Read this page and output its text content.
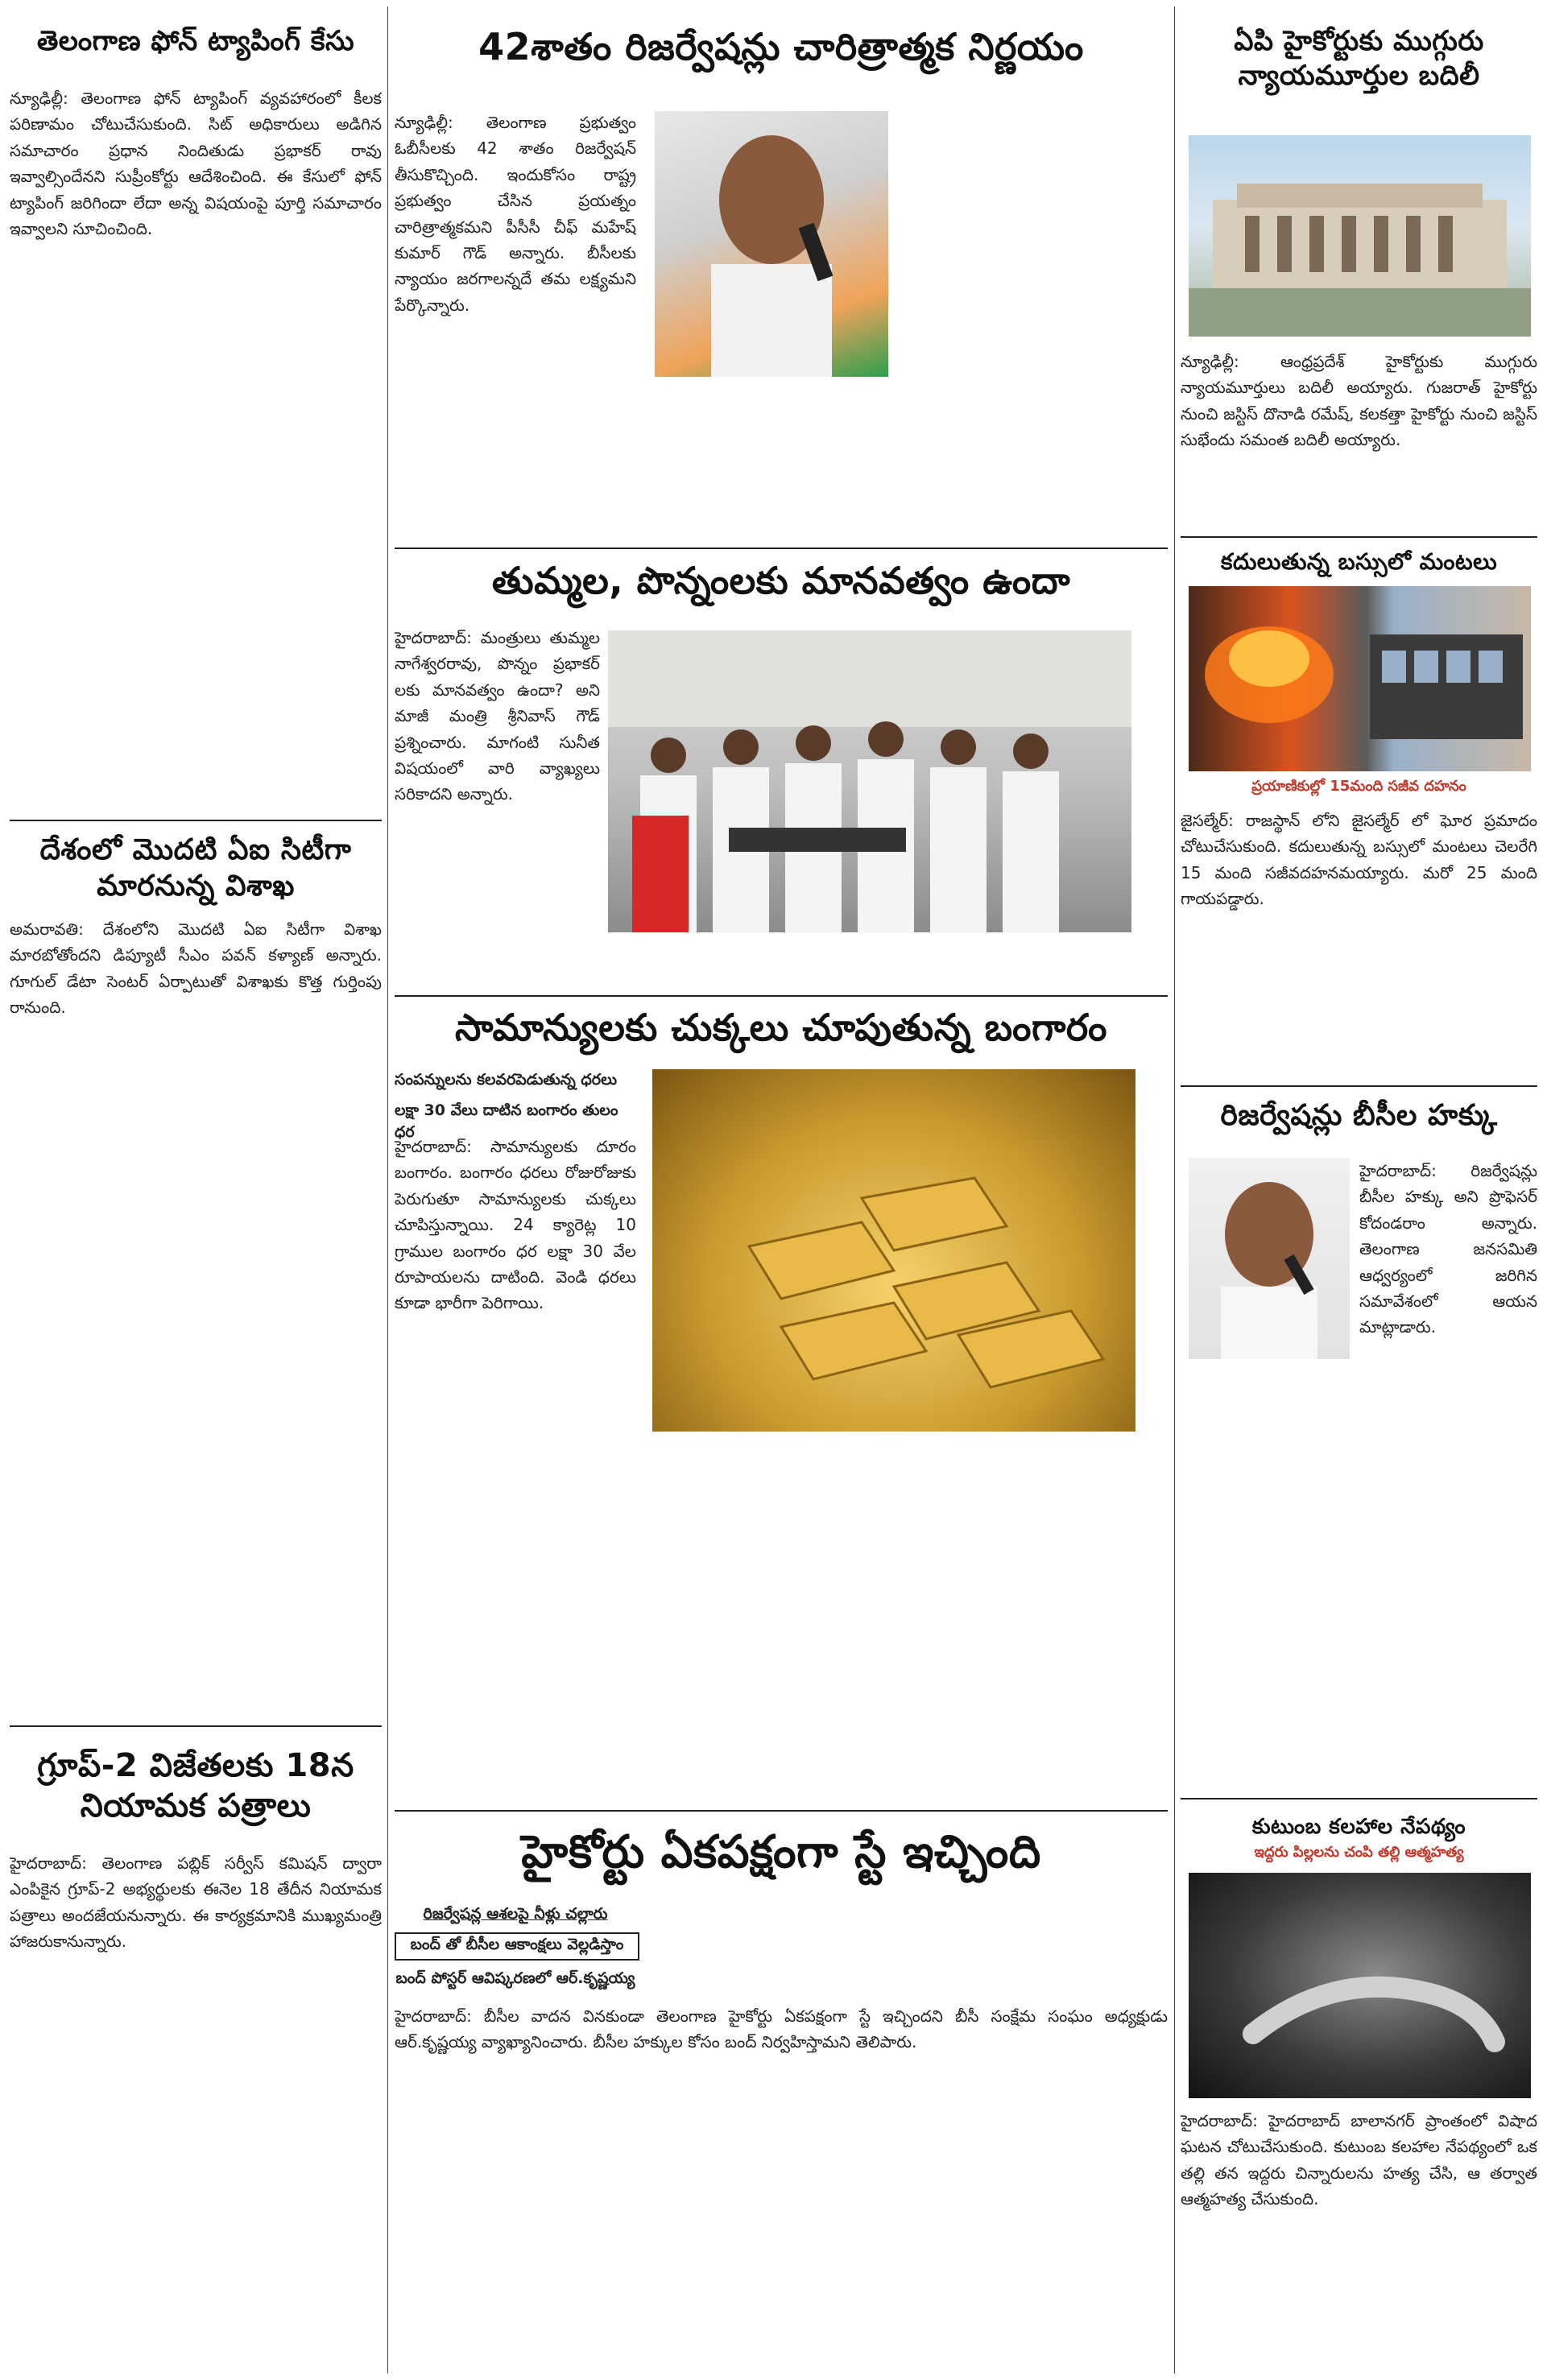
తెలంగాణ ఫోన్ ట్యాపింగ్ కేసు
న్యూఢిల్లీ: తెలంగాణ ఫోన్ ట్యాపింగ్ వ్యవహారంలో కీలక పరిణామం చోటుచేసుకుంది. సిట్ అధికారులు అడిగిన సమాచారం ప్రధాన నిందితుడు ప్రభాకర్ రావు ఇవ్వాల్సిందేనని సుప్రీంకోర్టు ఆదేశించింది. ఈ కేసులో ఫోన్ ట్యాపింగ్ జరిగిందా లేదా అన్న విషయంపై పూర్తి సమాచారం ఇవ్వాలని సూచించింది.
దేశంలో మొదటి ఏఐ సిటీగా మారనున్న విశాఖ
అమరావతి: దేశంలోని మొదటి ఏఐ సిటీగా విశాఖ మారబోతోందని డిప్యూటీ సీఎం పవన్ కళ్యాణ్ అన్నారు. గూగుల్ డేటా సెంటర్ ఏర్పాటుతో విశాఖకు కొత్త గుర్తింపు రానుంది.
గ్రూప్-2 విజేతలకు 18న నియామక పత్రాలు
హైదరాబాద్: తెలంగాణ పబ్లిక్ సర్వీస్ కమిషన్ ద్వారా ఎంపికైన గ్రూప్-2 అభ్యర్థులకు ఈనెల 18 తేదీన నియామక పత్రాలు అందజేయనున్నారు. ఈ కార్యక్రమానికి ముఖ్యమంత్రి హాజరుకానున్నారు.
42శాతం రిజర్వేషన్లు చారిత్రాత్మక నిర్ణయం
న్యూఢిల్లీ: తెలంగాణ ప్రభుత్వం ఓబీసీలకు 42 శాతం రిజర్వేషన్ తీసుకొచ్చింది. ఇందుకోసం రాష్ట్ర ప్రభుత్వం చేసిన ప్రయత్నం చారిత్రాత్మకమని పీసీసీ చీఫ్ మహేష్ కుమార్ గౌడ్ అన్నారు. బీసీలకు న్యాయం జరగాలన్నదే తమ లక్ష్యమని పేర్కొన్నారు.
తుమ్మల, పొన్నంలకు మానవత్వం ఉందా
హైదరాబాద్: మంత్రులు తుమ్మల నాగేశ్వరరావు, పొన్నం ప్రభాకర్ లకు మానవత్వం ఉందా? అని మాజీ మంత్రి శ్రీనివాస్ గౌడ్ ప్రశ్నించారు. మాగంటి సునీత విషయంలో వారి వ్యాఖ్యలు సరికాదని అన్నారు.
సామాన్యులకు చుక్కలు చూపుతున్న బంగారం
సంపన్నులను కలవరపెడుతున్న ధరలు
లక్షా 30 వేలు దాటిన బంగారం తులం ధర
హైదరాబాద్: సామాన్యులకు దూరం బంగారం. బంగారం ధరలు రోజురోజుకు పెరుగుతూ సామాన్యులకు చుక్కలు చూపిస్తున్నాయి. 24 క్యారెట్ల 10 గ్రాముల బంగారం ధర లక్షా 30 వేల రూపాయలను దాటింది. వెండి ధరలు కూడా భారీగా పెరిగాయి.
హైకోర్టు ఏకపక్షంగా స్టే ఇచ్చింది
రిజర్వేషన్ల ఆశలపై నీళ్లు చల్లారు
బంద్ తో బీసీల ఆకాంక్షలు వెల్లడిస్తాం
బంద్ పోస్టర్ ఆవిష్కరణలో ఆర్.కృష్ణయ్య
హైదరాబాద్: బీసీల వాదన వినకుండా తెలంగాణ హైకోర్టు ఏకపక్షంగా స్టే ఇచ్చిందని బీసీ సంక్షేమ సంఘం అధ్యక్షుడు ఆర్.కృష్ణయ్య వ్యాఖ్యానించారు. బీసీల హక్కుల కోసం బంద్ నిర్వహిస్తామని తెలిపారు.
ఏపి హైకోర్టుకు ముగ్గురు న్యాయమూర్తుల బదిలీ
న్యూఢిల్లీ: ఆంధ్రప్రదేశ్ హైకోర్టుకు ముగ్గురు న్యాయమూర్తులు బదిలీ అయ్యారు. గుజరాత్ హైకోర్టు నుంచి జస్టిస్ దొనాడి రమేష్, కలకత్తా హైకోర్టు నుంచి జస్టిస్ సుభేందు సమంత బదిలీ అయ్యారు.
కదులుతున్న బస్సులో మంటలు
ప్రయాణికుల్లో 15మంది సజీవ దహనం
జైసల్మేర్: రాజస్థాన్ లోని జైసల్మేర్ లో ఘోర ప్రమాదం చోటుచేసుకుంది. కదులుతున్న బస్సులో మంటలు చెలరేగి 15 మంది సజీవదహనమయ్యారు. మరో 25 మంది గాయపడ్డారు.
రిజర్వేషన్లు బీసీల హక్కు
హైదరాబాద్: రిజర్వేషన్లు బీసీల హక్కు అని ప్రొఫెసర్ కోదండరాం అన్నారు. తెలంగాణ జనసమితి ఆధ్వర్యంలో జరిగిన సమావేశంలో ఆయన మాట్లాడారు.
కుటుంబ కలహాల నేపథ్యం
ఇద్దరు పిల్లలను చంపి తల్లి ఆత్మహత్య
హైదరాబాద్: హైదరాబాద్ బాలానగర్ ప్రాంతంలో విషాద ఘటన చోటుచేసుకుంది. కుటుంబ కలహాల నేపథ్యంలో ఒక తల్లి తన ఇద్దరు చిన్నారులను హత్య చేసి, ఆ తర్వాత ఆత్మహత్య చేసుకుంది.
